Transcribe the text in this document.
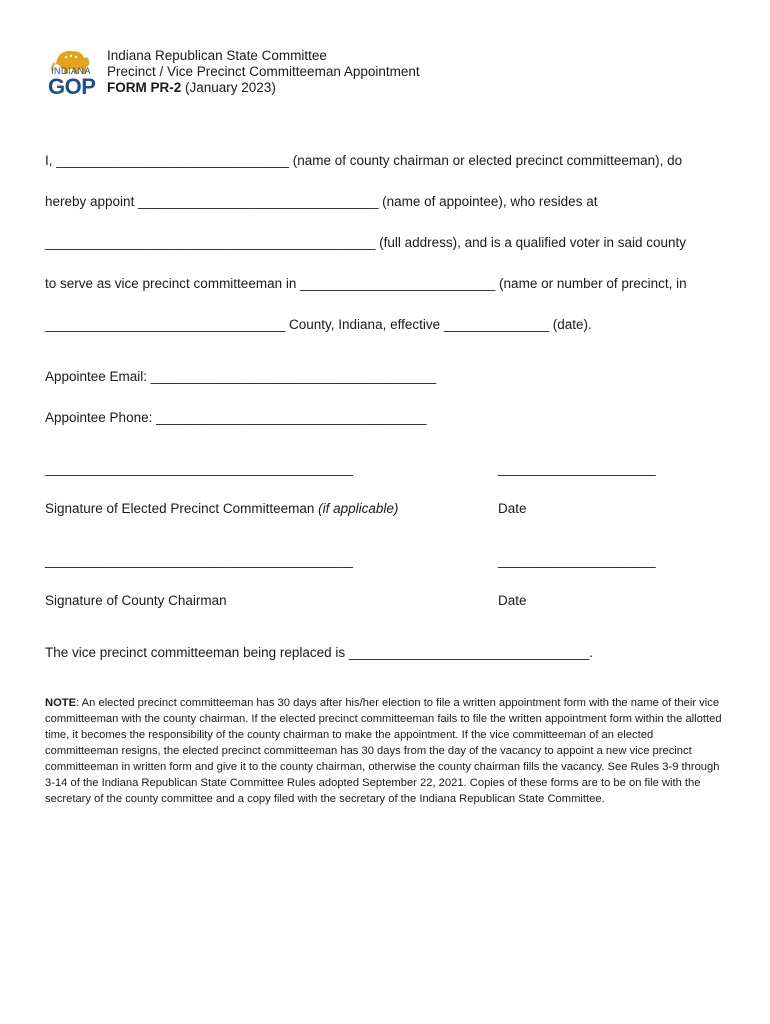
INDIANA
GOP
Indiana Republican State Committee
Precinct / Vice Precinct Committeeman Appointment
FORM PR-2 (January 2023)
I, _______________________________ (name of county chairman or elected precinct committeeman), do
hereby appoint ________________________________ (name of appointee), who resides at
____________________________________________ (full address), and is a qualified voter in said county
to serve as vice precinct committeeman in __________________________ (name or number of precinct, in
________________________________ County, Indiana, effective ______________ (date).
Appointee Email: ______________________________________
Appointee Phone: ____________________________________
_________________________________________	_____________________
Signature of Elected Precinct Committeeman (if applicable)	Date
_________________________________________	_____________________
Signature of County Chairman	Date
The vice precinct committeeman being replaced is ________________________________.
NOTE: An elected precinct committeeman has 30 days after his/her election to file a written appointment form with the name of their vice committeeman with the county chairman. If the elected precinct committeeman fails to file the written appointment form within the allotted time, it becomes the responsibility of the county chairman to make the appointment. If the vice committeeman of an elected committeeman resigns, the elected precinct committeeman has 30 days from the day of the vacancy to appoint a new vice precinct committeeman in written form and give it to the county chairman, otherwise the county chairman fills the vacancy. See Rules 3-9 through 3-14 of the Indiana Republican State Committee Rules adopted September 22, 2021. Copies of these forms are to be on file with the secretary of the county committee and a copy filed with the secretary of the Indiana Republican State Committee.
